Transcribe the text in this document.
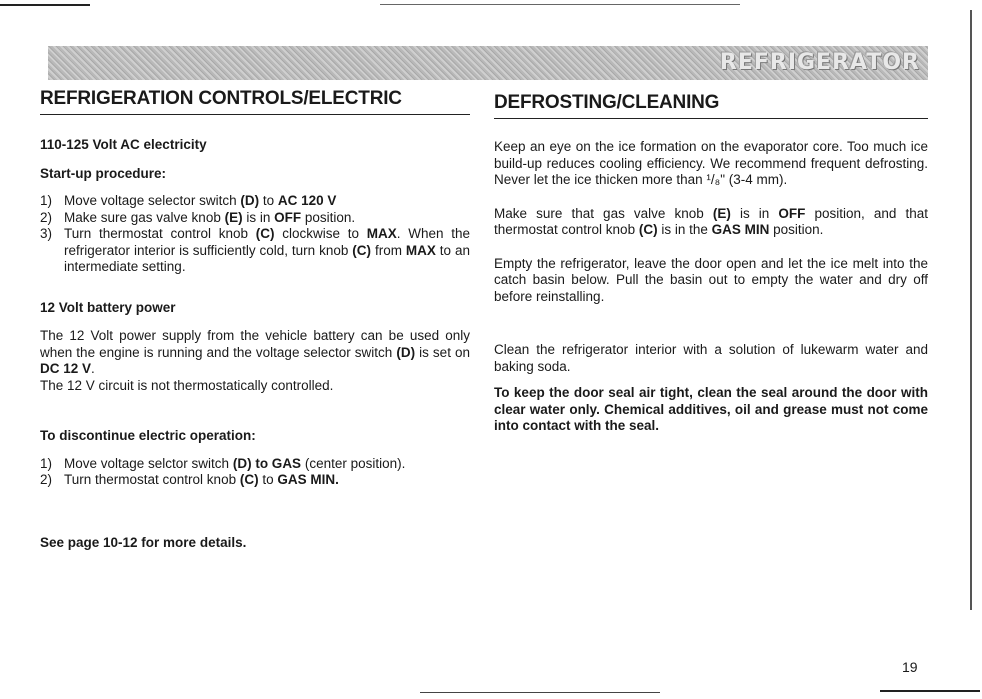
REFRIGERATOR
REFRIGERATION CONTROLS/ELECTRIC

110-125 Volt AC electricity

Start-up procedure:

1) Move voltage selector switch (D) to AC 120 V
2) Make sure gas valve knob (E) is in OFF position.
3) Turn thermostat control knob (C) clockwise to MAX. When the refrigerator interior is sufficiently cold, turn knob (C) from MAX to an intermediate setting.

12 Volt battery power

The 12 Volt power supply from the vehicle battery can be used only when the engine is running and the voltage selector switch (D) is set on DC 12 V.

The 12 V circuit is not thermostatically controlled.

To discontinue electric operation:

1) Move voltage selctor switch (D) to GAS (center position).
2) Turn thermostat control knob (C) to GAS MIN.

See page 10-12 for more details.

DEFROSTING/CLEANING

Keep an eye on the ice formation on the evaporator core. Too much ice build-up reduces cooling efficiency. We recommend frequent defrosting. Never let the ice thicken more than ¹/₈" (3-4 mm).

Make sure that gas valve knob (E) is in OFF position, and that thermostat control knob (C) is in the GAS MIN position.

Empty the refrigerator, leave the door open and let the ice melt into the catch basin below. Pull the basin out to empty the water and dry off before reinstalling.

Clean the refrigerator interior with a solution of lukewarm water and baking soda.

To keep the door seal air tight, clean the seal around the door with clear water only. Chemical additives, oil and grease must not come into contact with the seal.

19
